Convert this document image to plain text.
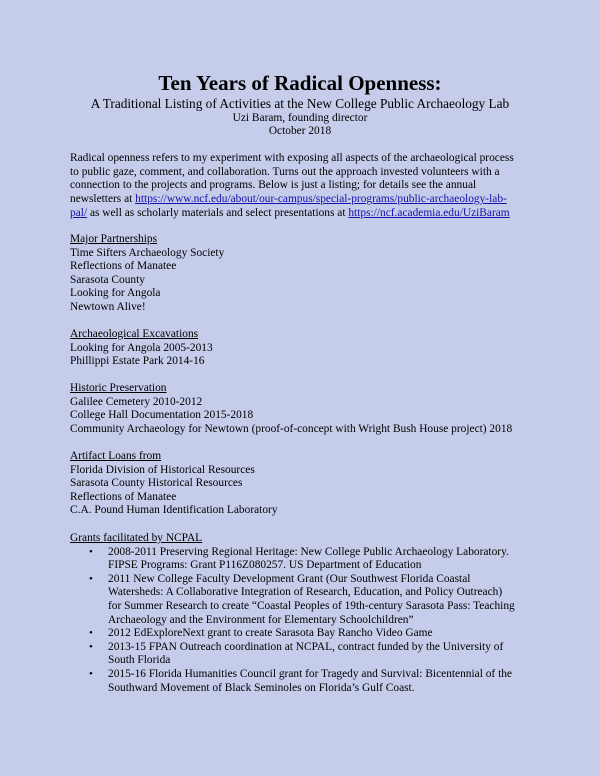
Ten Years of Radical Openness:
A Traditional Listing of Activities at the New College Public Archaeology Lab
Uzi Baram, founding director
October 2018
Radical openness refers to my experiment with exposing all aspects of the archaeological process
to public gaze, comment, and collaboration. Turns out the approach invested volunteers with a
connection to the projects and programs. Below is just a listing; for details see the annual
newsletters at https://www.ncf.edu/about/our-campus/special-programs/public-archaeology-lab-
pal/ as well as scholarly materials and select presentations at https://ncf.academia.edu/UziBaram
Major Partnerships
Time Sifters Archaeology Society
Reflections of Manatee
Sarasota County
Looking for Angola
Newtown Alive!
Archaeological Excavations
Looking for Angola 2005-2013
Phillippi Estate Park 2014-16
Historic Preservation
Galilee Cemetery 2010-2012
College Hall Documentation 2015-2018
Community Archaeology for Newtown (proof-of-concept with Wright Bush House project) 2018
Artifact Loans from
Florida Division of Historical Resources
Sarasota County Historical Resources
Reflections of Manatee
C.A. Pound Human Identification Laboratory
Grants facilitated by NCPAL
• 2008-2011 Preserving Regional Heritage: New College Public Archaeology Laboratory.
FIPSE Programs: Grant P116Z080257. US Department of Education
• 2011 New College Faculty Development Grant (Our Southwest Florida Coastal
Watersheds: A Collaborative Integration of Research, Education, and Policy Outreach)
for Summer Research to create “Coastal Peoples of 19th-century Sarasota Pass: Teaching
Archaeology and the Environment for Elementary Schoolchildren”
• 2012 EdExploreNext grant to create Sarasota Bay Rancho Video Game
• 2013-15 FPAN Outreach coordination at NCPAL, contract funded by the University of
South Florida
• 2015-16 Florida Humanities Council grant for Tragedy and Survival: Bicentennial of the
Southward Movement of Black Seminoles on Florida’s Gulf Coast.
